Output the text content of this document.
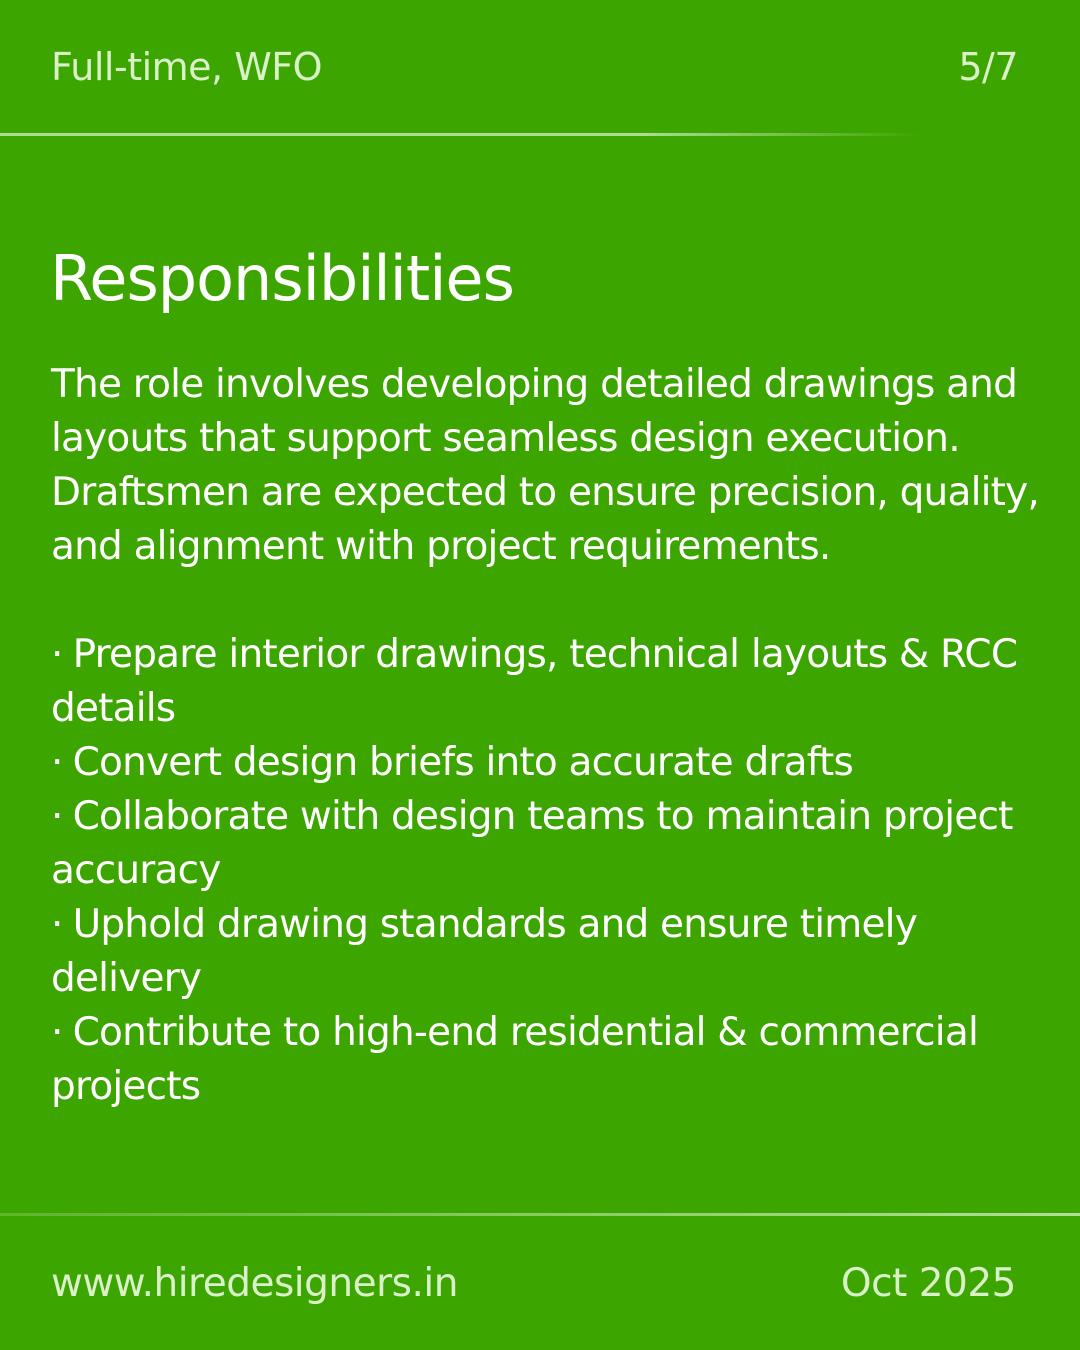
Full-time, WFO	5/7
Responsibilities

The role involves developing detailed drawings and layouts that support seamless design execution. Draftsmen are expected to ensure precision, quality, and alignment with project requirements.

· Prepare interior drawings, technical layouts & RCC details
· Convert design briefs into accurate drafts
· Collaborate with design teams to maintain project accuracy
· Uphold drawing standards and ensure timely delivery
· Contribute to high-end residential & commercial projects
www.hiredesigners.in	Oct 2025
